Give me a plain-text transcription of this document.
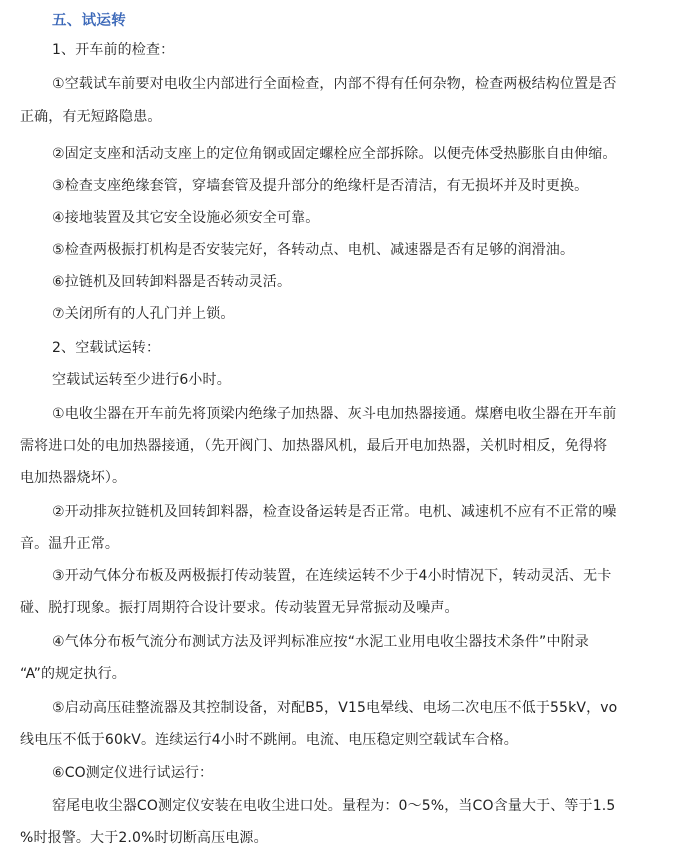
五、试运转
1、开车前的检查：
①空载试车前要对电收尘内部进行全面检查，内部不得有任何杂物，检查两极结构位置是否
正确，有无短路隐患。
②固定支座和活动支座上的定位角钢或固定螺栓应全部拆除。以便壳体受热膨胀自由伸缩。
③检查支座绝缘套管，穿墙套管及提升部分的绝缘杆是否清洁，有无损坏并及时更换。
④接地装置及其它安全设施必须安全可靠。
⑤检查两极振打机构是否安装完好，各转动点、电机、减速器是否有足够的润滑油。
⑥拉链机及回转卸料器是否转动灵活。
⑦关闭所有的人孔门并上锁。
2、空载试运转：
空载试运转至少进行6小时。
①电收尘器在开车前先将顶梁内绝缘子加热器、灰斗电加热器接通。煤磨电收尘器在开车前
需将进口处的电加热器接通，（先开阀门、加热器风机，最后开电加热器，关机时相反，免得将
电加热器烧坏）。
②开动排灰拉链机及回转卸料器，检查设备运转是否正常。电机、减速机不应有不正常的噪
音。温升正常。
③开动气体分布板及两极振打传动装置，在连续运转不少于4小时情况下，转动灵活、无卡
碰、脱打现象。振打周期符合设计要求。传动装置无异常振动及噪声。
④气体分布板气流分布测试方法及评判标准应按“水泥工业用电收尘器技术条件”中附录
“A”的规定执行。
⑤启动高压硅整流器及其控制设备，对配B5，V15电晕线、电场二次电压不低于55kV，vo
线电压不低于60kV。连续运行4小时不跳闸。电流、电压稳定则空载试车合格。
⑥CO测定仪进行试运行：
窑尾电收尘器CO测定仪安装在电收尘进口处。量程为：0～5%，当CO含量大于、等于1.5
%时报警。大于2.0%时切断高压电源。
